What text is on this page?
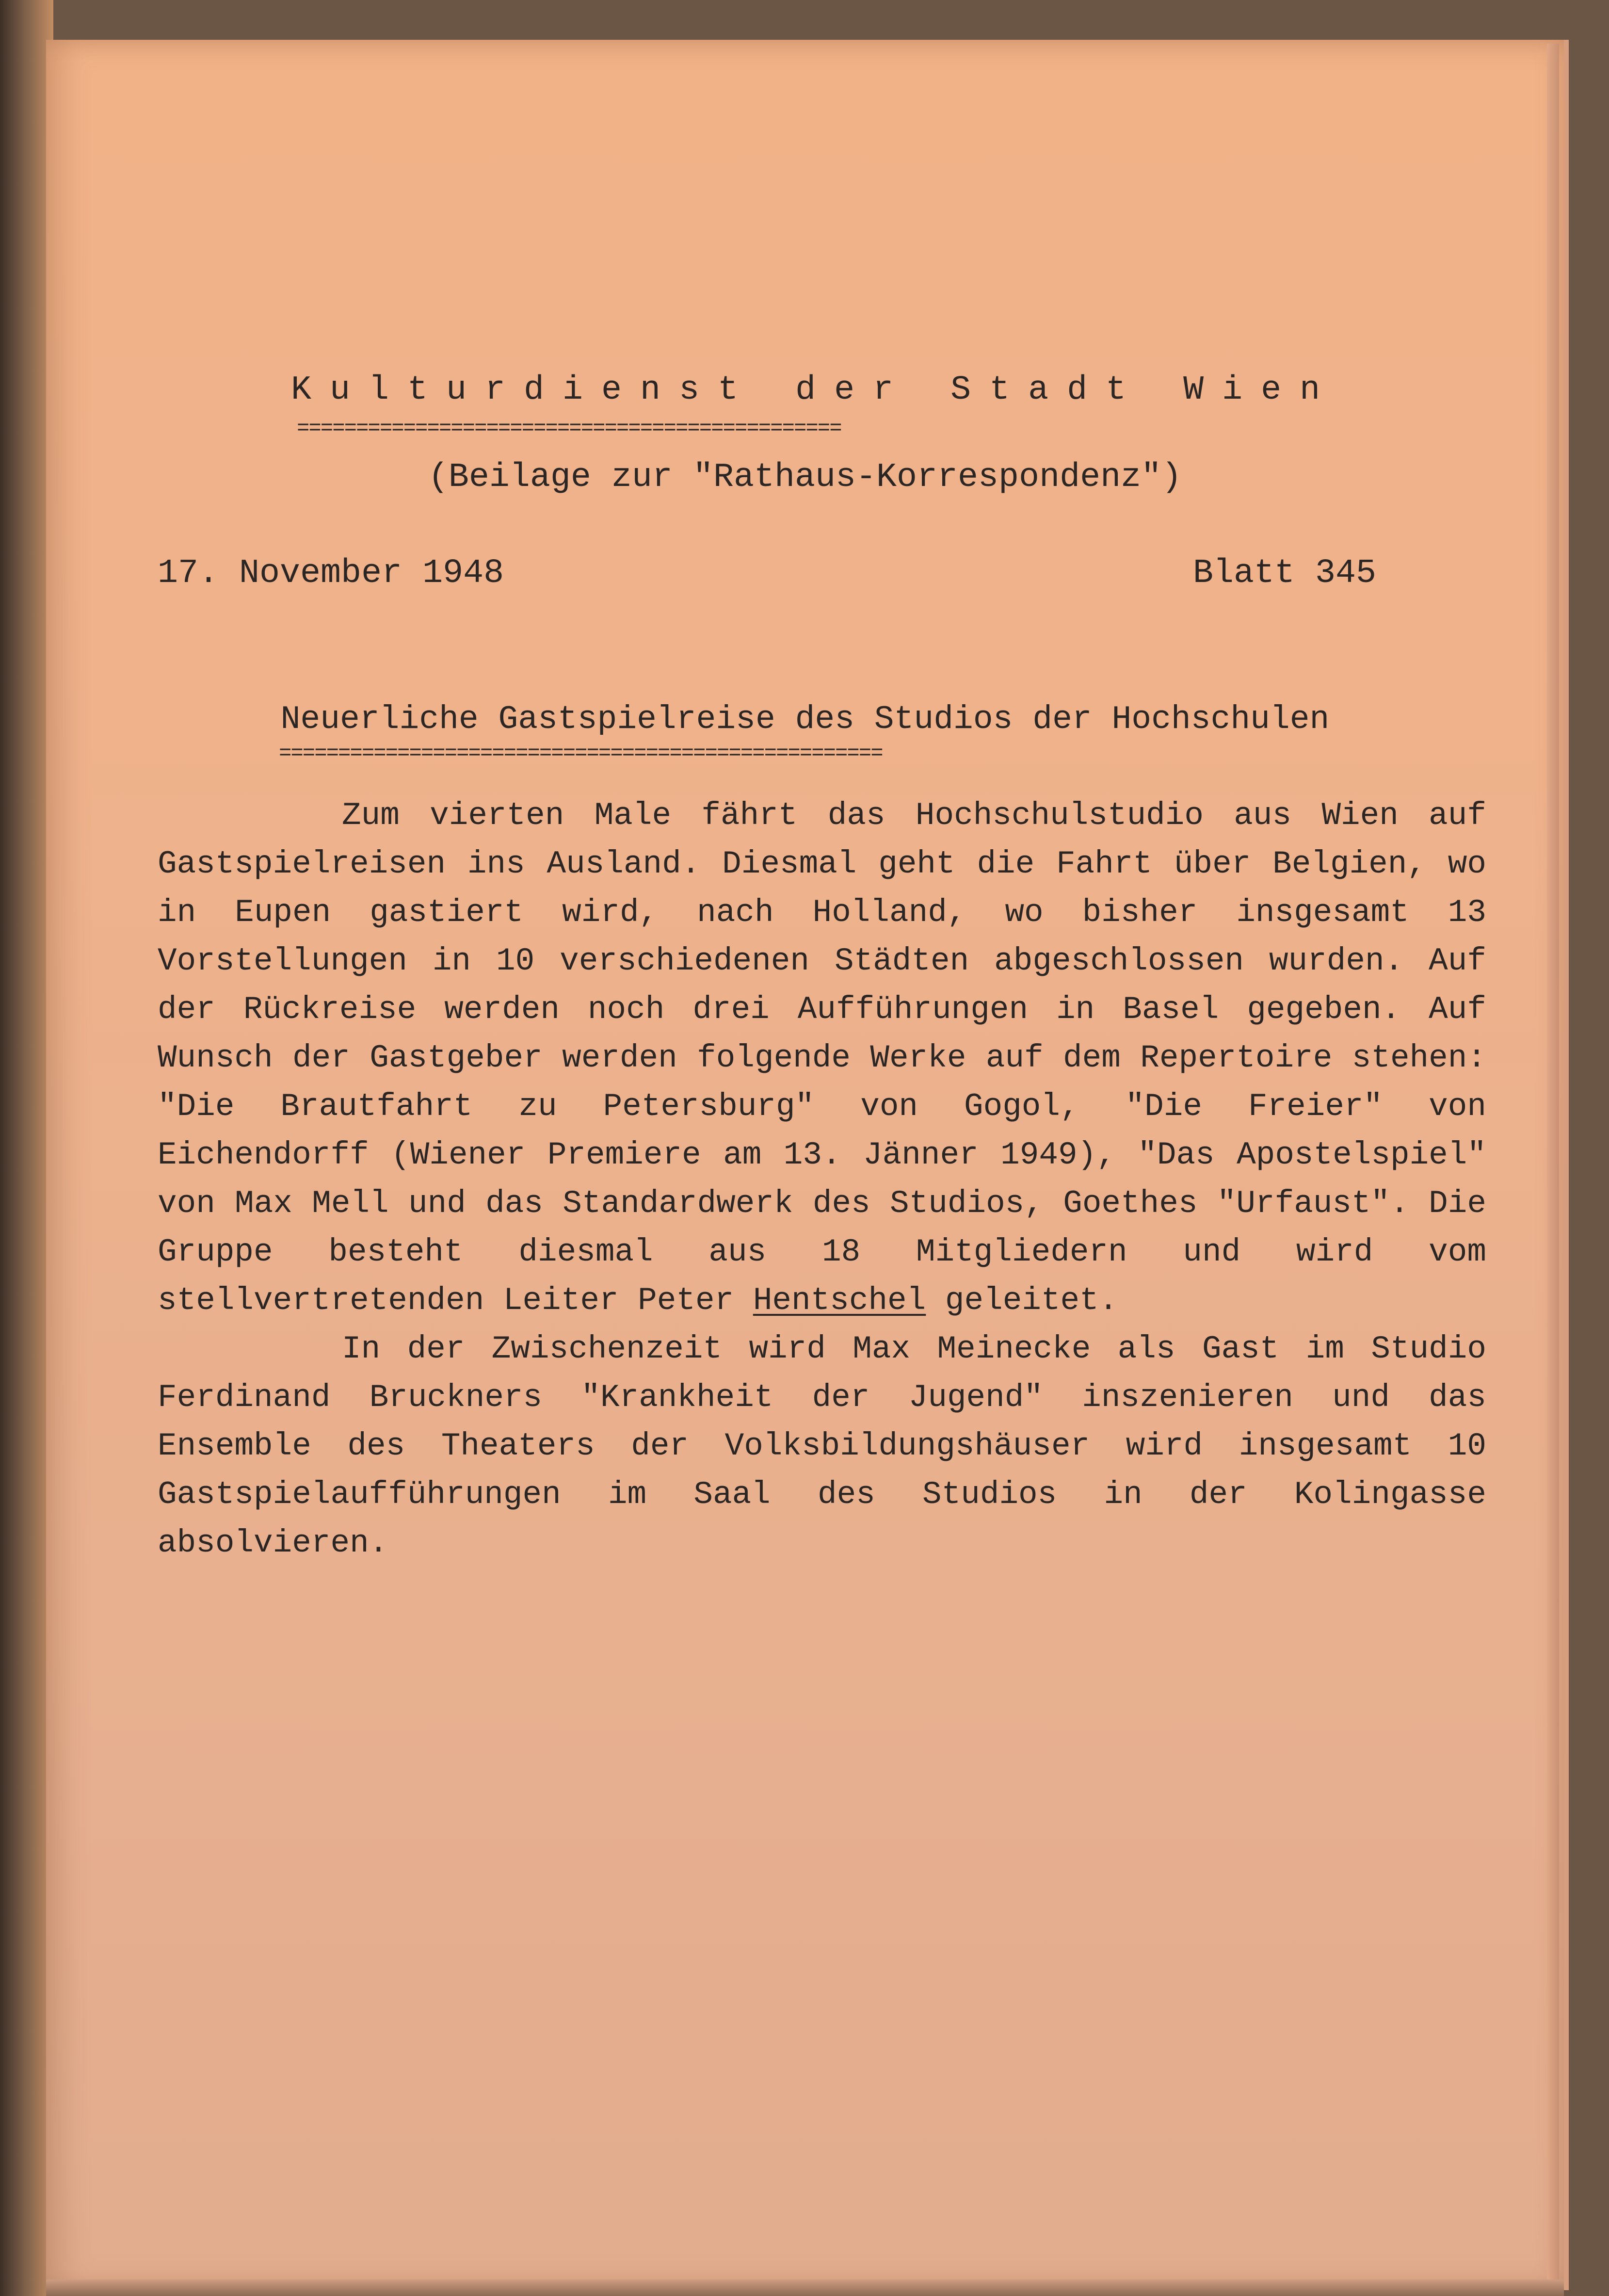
Kulturdienst der Stadt Wien
==============================================
(Beilage zur "Rathaus-Korrespondenz")
17. November 1948	Blatt 345
Neuerliche Gastspielreise des Studios der Hochschulen
===================================================
Zum vierten Male fährt das Hochschulstudio aus Wien auf Gastspielreisen ins Ausland. Diesmal geht die Fahrt über Belgien, wo in Eupen gastiert wird, nach Holland, wo bisher insgesamt 13 Vorstellungen in 10 verschiedenen Städten abgeschlossen wurden. Auf der Rückreise werden noch drei Aufführungen in Basel gegeben. Auf Wunsch der Gastgeber werden folgende Werke auf dem Repertoire stehen: "Die Brautfahrt zu Petersburg" von Gogol, "Die Freier" von Eichendorff (Wiener Premiere am 13. Jänner 1949), "Das Apostelspiel" von Max Mell und das Standardwerk des Studios, Goethes "Urfaust". Die Gruppe besteht diesmal aus 18 Mitgliedern und wird vom stellvertretenden Leiter Peter Hentschel geleitet.
In der Zwischenzeit wird Max Meinecke als Gast im Studio Ferdinand Bruckners "Krankheit der Jugend" inszenieren und das Ensemble des Theaters der Volksbildungshäuser wird insgesamt 10 Gastspielaufführungen im Saal des Studios in der Kolingasse absolvieren.
